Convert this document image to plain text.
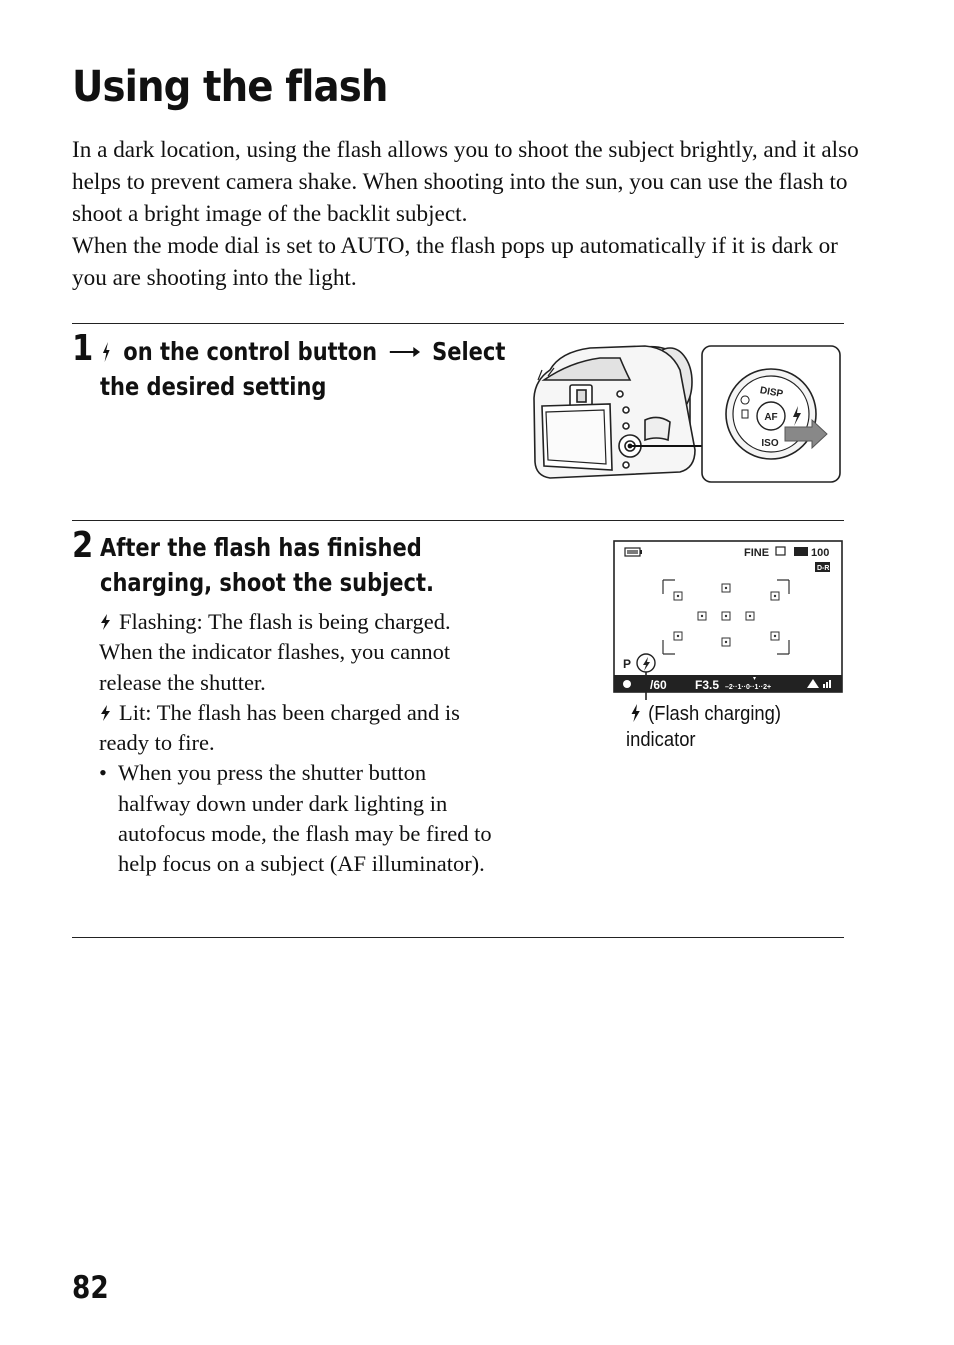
Using the flash

In a dark location, using the flash allows you to shoot the subject brightly, and it also helps to prevent camera shake. When shooting into the sun, you can use the flash to shoot a bright image of the backlit subject.

When the mode dial is set to AUTO, the flash pops up automatically if it is dark or you are shooting into the light.

1	on the control button Select
the desired setting
AF
DISP
ISO
2 After the flash has finished
charging, shoot the subject.

Flashing: The flash is being charged. When the indicator flashes, you cannot release the shutter.

Lit: The flash has been charged and is ready to fire.

• When you press the shutter button halfway down under dark lighting in autofocus mode, the flash may be fired to help focus on a subject (AF illuminator).
FINE	100
D-R
P
/60 F3.5 –2··1··0··1··2+
(Flash charging)
indicator
82
